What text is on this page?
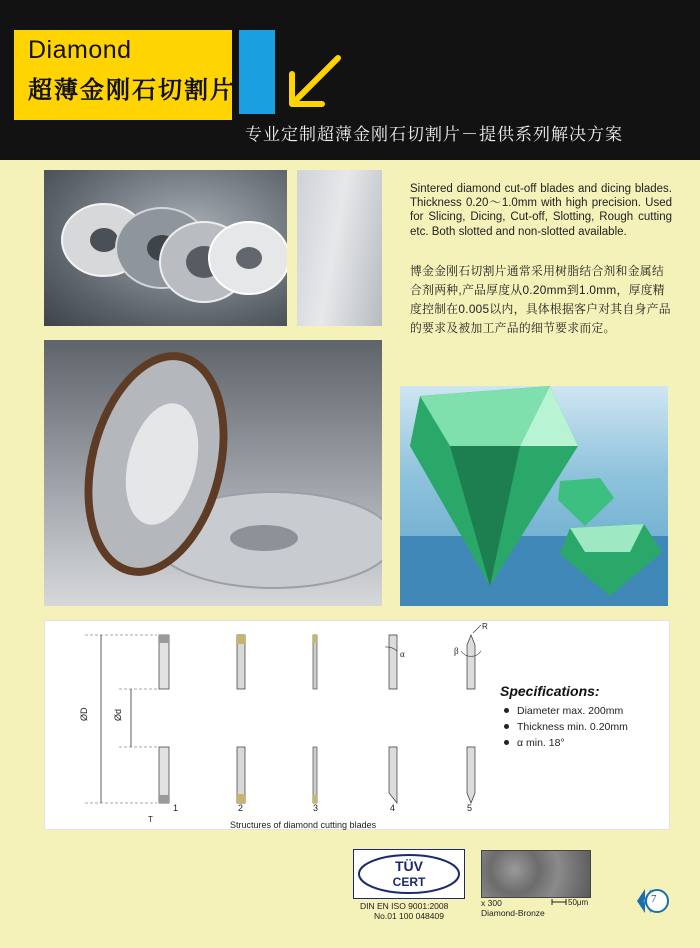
Diamond
超薄金刚石切割片
专业定制超薄金刚石切割片－提供系列解决方案
Sintered diamond cut-off blades and dicing blades. Thickness 0.20～1.0mm with high precision. Used for Slicing, Dicing, Cut-off, Slotting, Rough cutting etc. Both slotted and non-slotted available.
博金金刚石切割片通常采用树脂结合剂和金属结合剂两种,产品厚度从0.20mm到1.0mm，厚度精度控制在0.005以内，具体根据客户对其自身产品的要求及被加工产品的细节要求而定。
ØD	Ød
T
α	β
R
1	2	3	4	5
Structures of diamond cutting blades
Specifications:
Diameter max. 200mm
Thickness min. 0.20mm
α min. 18°
TÜV
CERT
DIN EN ISO 9001:2008
No.01 100 048409
x 300
Diamond-Bronze
50μm	7
